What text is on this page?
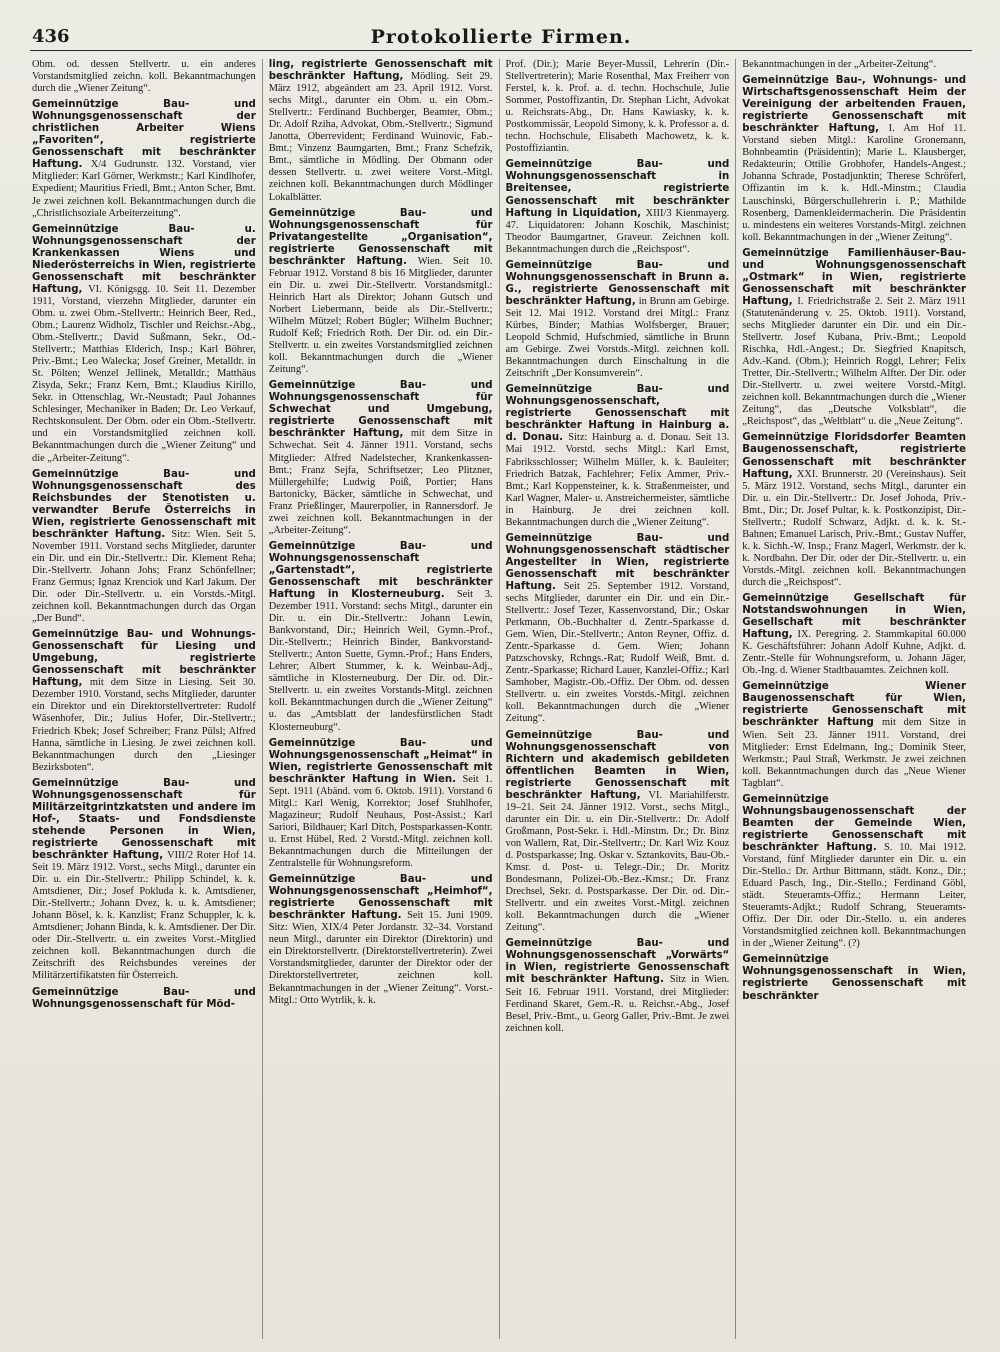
436	Protokollierte Firmen.

Obm. od. dessen Stellvertr. u. ein anderes Vorstandsmitglied zeichn. koll. Bekanntmachungen durch die „Wiener Zeitung“.

Gemeinnützige Bau- und Wohnungsgenossenschaft der christlichen Arbeiter Wiens „Favoriten“, registrierte Genossenschaft mit beschränkter Haftung. X/4 Gudrunstr. 132. Vorstand, vier Mitglieder: Karl Görner, Werkmstr.; Karl Kindlhofer, Expedient; Mauritius Friedl, Bmt.; Anton Scher, Bmt. Je zwei zeichnen koll. Bekanntmachungen durch die „Christlichsoziale Arbeiterzeitung“.

Gemeinnützige Bau- u. Wohnungsgenossenschaft der Krankenkassen Wiens und Niederösterreichs in Wien, registrierte Genossenschaft mit beschränkter Haftung, VI. Königsgg. 10. Seit 11. Dezember 1911, Vorstand, vierzehn Mitglieder, darunter ein Obm. u. zwei Obm.-Stellvertr.: Heinrich Beer, Red., Obm.; Laurenz Widholz, Tischler und Reichsr.-Abg., Obm.-Stellvertr.; David Sußmann, Sekr., Od.-Stellvertr.; Matthias Elderich, Insp.; Karl Böhrer, Priv.-Bmt.; Leo Walecka; Josef Greiner, Metalldr. in St. Pölten; Wenzel Jellinek, Metalldr.; Matthäus Zisyda, Sekr.; Franz Kern, Bmt.; Klaudius Kirillo, Sekr. in Ottenschlag, Wr.-Neustadt; Paul Johannes Schlesinger, Mechaniker in Baden; Dr. Leo Verkauf, Rechtskonsulent. Der Obm. oder ein Obm.-Stellvertr. und ein Vorstandsmitglied zeichnen koll. Bekanntmachungen durch die „Wiener Zeitung“ und die „Arbeiter-Zeitung“.

Gemeinnützige Bau- und Wohnungsgenossenschaft des Reichsbundes der Stenotisten u. verwandter Berufe Österreichs in Wien, registrierte Genossenschaft mit beschränkter Haftung. Sitz: Wien. Seit 5. November 1911. Vorstand sechs Mitglieder, darunter ein Dir. und ein Dir.-Stellvertr.: Dir. Klement Reha; Dir.-Stellvertr. Johann Johs; Franz Schönfellner; Franz Germus; Ignaz Krenciok und Karl Jakum. Der Dir. oder Dir.-Stellvertr. u. ein Vorstds.-Mitgl. zeichnen koll. Bekanntmachungen durch das Organ „Der Bund“.

Gemeinnützige Bau- und Wohnungs-Genossenschaft für Liesing und Umgebung, registrierte Genossenschaft mit beschränkter Haftung, mit dem Sitze in Liesing. Seit 30. Dezember 1910. Vorstand, sechs Mitglieder, darunter ein Direktor und ein Direktorstellvertreter: Rudolf Wäsenhofer, Dir.; Julius Hofer, Dir.-Stellvertr.; Friedrich Kbek; Josef Schreiber; Franz Pülsl; Alfred Hanna, sämtliche in Liesing. Je zwei zeichnen koll. Bekanntmachungen durch den „Liesinger Bezirksboten“.

Gemeinnützige Bau- und Wohnungsgenossenschaft für Militärzeitgrintzkatsten und andere im Hof-, Staats- und Fondsdienste stehende Personen in Wien, registrierte Genossenschaft mit beschränkter Haftung, VIII/2 Roter Hof 14. Seit 19. März 1912. Vorst., sechs Mitgl., darunter ein Dir. u. ein Dir.-Stellvertr.: Philipp Schindel, k. k. Amtsdiener, Dir.; Josef Pokluda k. k. Amtsdiener, Dir.-Stellvertr.; Johann Dvez, k. u. k. Amtsdiener; Johann Bösel, k. k. Kanzlist; Franz Schuppler, k. k. Amtsdiener; Johann Binda, k. k. Amtsdiener. Der Dir. oder Dir.-Stellvertr. u. ein zweites Vorst.-Mitglied zeichnen koll. Bekanntmachungen durch die Zeitschrift des Reichsbundes vereines der Militärzertifikatsten für Österreich.

Gemeinnützige Bau- und Wohnungsgenossenschaft für Möd-

ling, registrierte Genossenschaft mit beschränkter Haftung, Mödling. Seit 29. März 1912, abgeändert am 23. April 1912. Vorst. sechs Mitgl., darunter ein Obm. u. ein Obm.-Stellvertr.: Ferdinand Buchberger, Beamter, Obm.; Dr. Adolf Rziha, Advokat, Obm.-Stellvertr.; Sigmund Janotta, Oberrevident; Ferdinand Wuinovic, Fab.-Bmt.; Vinzenz Baumgarten, Bmt.; Franz Schefzik, Bmt., sämtliche in Mödling. Der Obmann oder dessen Stellvertr. u. zwei weitere Vorst.-Mitgl. zeichnen koll. Bekanntmachungen durch Mödlinger Lokalblätter.

Gemeinnützige Bau- und Wohnungsgenossenschaft für Privatangestellte „Organisation“, registrierte Genossenschaft mit beschränkter Haftung. Wien. Seit 10. Februar 1912. Vorstand 8 bis 16 Mitglieder, darunter ein Dir. u. zwei Dir.-Stellvertr. Vorstandsmitgl.: Heinrich Hart als Direktor; Johann Gutsch und Norbert Liebermann, beide als Dir.-Stellvertr.; Wilhelm Mützel; Robert Bügler; Wilhelm Buchner; Rudolf Keß; Friedrich Roth. Der Dir. od. ein Dir.-Stellvertr. u. ein zweites Vorstandsmitglied zeichnen koll. Bekanntmachungen durch die „Wiener Zeitung“.

Gemeinnützige Bau- und Wohnungsgenossenschaft für Schwechat und Umgebung, registrierte Genossenschaft mit beschränkter Haftung, mit dem Sitze in Schwechat. Seit 4. Jänner 1911. Vorstand, sechs Mitglieder: Alfred Nadelstecher, Krankenkassen-Bmt.; Franz Sejfa, Schriftsetzer; Leo Plitzner, Müllergehilfe; Ludwig Poiß, Portier; Hans Bartonicky, Bäcker, sämtliche in Schwechat, und Franz Prießlinger, Maurerpolier, in Rannersdorf. Je zwei zeichnen koll. Bekanntmachungen in der „Arbeiter-Zeitung“.

Gemeinnützige Bau- und Wohnungsgenossenschaft „Gartenstadt“, registrierte Genossenschaft mit beschränkter Haftung in Klosterneuburg. Seit 3. Dezember 1911. Vorstand: sechs Mitgl., darunter ein Dir. u. ein Dir.-Stellvertr.: Johann Lewin, Bankvorstand, Dir.; Heinrich Weil, Gymn.-Prof., Dir.-Stellvertr.; Heinrich Binder, Bankvorstand-Stellvertr.; Anton Suette, Gymn.-Prof.; Hans Enders, Lehrer; Albert Stummer, k. k. Weinbau-Adj., sämtliche in Klosterneuburg. Der Dir. od. Dir.-Stellvertr. u. ein zweites Vorstands-Mitgl. zeichnen koll. Bekanntmachungen durch die „Wiener Zeitung“ u. das „Amtsblatt der landesfürstlichen Stadt Klosterneuburg“.

Gemeinnützige Bau- und Wohnungsgenossenschaft „Heimat“ in Wien, registrierte Genossenschaft mit beschränkter Haftung in Wien. Seit 1. Sept. 1911 (Abänd. vom 6. Oktob. 1911). Vorstand 6 Mitgl.: Karl Wenig, Korrektor; Josef Stuhlhofer, Magazineur; Rudolf Neuhaus, Post-Assist.; Karl Sariori, Bildhauer; Karl Ditch, Postsparkassen-Kontr. u. Ernst Hübel, Red. 2 Vorstd.-Mitgl. zeichnen koll. Bekanntmachungen durch die Mitteilungen der Zentralstelle für Wohnungsreform.

Gemeinnützige Bau- und Wohnungsgenossenschaft „Heimhof“, registrierte Genossenschaft mit beschränkter Haftung. Seit 15. Juni 1909. Sitz: Wien, XIX/4 Peter Jordanstr. 32–34. Vorstand neun Mitgl., darunter ein Direktor (Direktorin) und ein Direktorstellvertr. (Direktorstellvertreterin). Zwei Vorstandsmitglieder, darunter der Direktor oder der Direktorstellvertreter, zeichnen koll. Bekanntmachungen in der „Wiener Zeitung“. Vorst.-Mitgl.: Otto Wytrlik, k. k.

Prof. (Dir.); Marie Beyer-Mussil, Lehrerin (Dir.-Stellvertreterin); Marie Rosenthal, Max Freiherr von Ferstel, k. k. Prof. a. d. techn. Hochschule, Julie Sommer, Postoffizantin, Dr. Stephan Licht, Advokat u. Reichsrats-Abg., Dr. Hans Kawiasky, k. k. Postkommissär, Leopold Simony, k. k. Professor a. d. techn. Hochschule, Elisabeth Machowetz, k. k. Postoffiziantin.

Gemeinnützige Bau- und Wohnungsgenossenschaft in Breitensee, registrierte Genossenschaft mit beschränkter Haftung in Liquidation, XIII/3 Kienmayerg. 47. Liquidatoren: Johann Koschik, Maschinist; Theodor Baumgartner, Graveur. Zeichnen koll. Bekanntmachungen durch die „Reichspost“.

Gemeinnützige Bau- und Wohnungsgenossenschaft in Brunn a. G., registrierte Genossenschaft mit beschränkter Haftung, in Brunn am Gebirge. Seit 12. Mai 1912. Vorstand drei Mitgl.: Franz Kürbes, Binder; Mathias Wolfsberger, Brauer; Leopold Schmid, Hufschmied, sämtliche in Brunn am Gebirge. Zwei Vorstds.-Mitgl. zeichnen koll. Bekanntmachungen durch Einschaltung in die Zeitschrift „Der Konsumverein“.

Gemeinnützige Bau- und Wohnungsgenossenschaft, registrierte Genossenschaft mit beschränkter Haftung in Hainburg a. d. Donau. Sitz: Hainburg a. d. Donau. Seit 13. Mai 1912. Vorstd. sechs Mitgl.: Karl Ernst, Fabriksschlosser; Wilhelm Müller, k. k. Bauleiter; Friedrich Batzak, Fachlehrer; Felix Ammer, Priv.-Bmt.; Karl Koppensteiner, k. k. Straßenmeister, und Karl Wagner, Maler- u. Anstreichermeister, sämtliche in Hainburg. Je drei zeichnen koll. Bekanntmachungen durch die „Wiener Zeitung“.

Gemeinnützige Bau- und Wohnungsgenossenschaft städtischer Angestellter in Wien, registrierte Genossenschaft mit beschränkter Haftung. Seit 25. September 1912. Vorstand, sechs Mitglieder, darunter ein Dir. und ein Dir.-Stellvertr.: Josef Tezer, Kassenvorstand, Dir.; Oskar Perkmann, Ob.-Buchhalter d. Zentr.-Sparkasse d. Gem. Wien, Dir.-Stellvertr.; Anton Reyner, Offiz. d. Zentr.-Sparkasse d. Gem. Wien; Johann Patzschovsky, Rchngs.-Rat; Rudolf Weiß, Bmt. d. Zentr.-Sparkasse; Richard Lauer, Kanzlei-Offiz.; Karl Samhober, Magistr.-Ob.-Offiz. Der Obm. od. dessen Stellvertr. u. ein zweites Vorstds.-Mitgl. zeichnen koll. Bekanntmachungen durch die „Wiener Zeitung“.

Gemeinnützige Bau- und Wohnungsgenossenschaft von Richtern und akademisch gebildeten öffentlichen Beamten in Wien, registrierte Genossenschaft mit beschränkter Haftung, VI. Mariahilferstr. 19–21. Seit 24. Jänner 1912. Vorst., sechs Mitgl., darunter ein Dir. u. ein Dir.-Stellvertr.: Dr. Adolf Großmann, Post-Sekr. i. Hdl.-Minstm. Dr.; Dr. Binz von Wallern, Rat, Dir.-Stellvertr.; Dr. Karl Wiz Kouz d. Postsparkasse; Ing. Oskar v. Sztankovits, Bau-Ob.-Kmsr. d. Post- u. Telegr.-Dir.; Dr. Moritz Bondesmann, Polizei-Ob.-Bez.-Kmsr.; Dr. Franz Drechsel, Sekr. d. Postsparkasse. Der Dir. od. Dir.-Stellvertr. und ein zweites Vorst.-Mitgl. zeichnen koll. Bekanntmachungen durch die „Wiener Zeitung“.

Gemeinnützige Bau- und Wohnungsgenossenschaft „Vorwärts“ in Wien, registrierte Genossenschaft mit beschränkter Haftung. Sitz in Wien. Seit 16. Februar 1911. Vorstand, drei Mitglieder: Ferdinand Skaret, Gem.-R. u. Reichsr.-Abg., Josef Besel, Priv.-Bmt., u. Georg Galler, Priv.-Bmt. Je zwei zeichnen koll.

Bekanntmachungen in der „Arbeiter-Zeitung“.

Gemeinnützige Bau-, Wohnungs- und Wirtschaftsgenossenschaft Heim der Vereinigung der arbeitenden Frauen, registrierte Genossenschaft mit beschränkter Haftung, I. Am Hof 11. Vorstand sieben Mitgl.: Karoline Gronemann, Bohnbeamtin (Präsidentin); Marie L. Klausberger, Redakteurin; Ottilie Grobhofer, Handels-Angest.; Johanna Schrade, Postadjunktin; Therese Schröferl, Offizantin im k. k. Hdl.-Minstm.; Claudia Lauschinski, Bürgerschullehrerin i. P.; Mathilde Rosenberg, Damenkleidermacherin. Die Präsidentin u. mindestens ein weiteres Vorstands-Mitgl. zeichnen koll. Bekanntmachungen in der „Wiener Zeitung“.

Gemeinnützige Familienhäuser-Bau- und Wohnungsgenossenschaft „Ostmark“ in Wien, registrierte Genossenschaft mit beschränkter Haftung, I. Friedrichstraße 2. Seit 2. März 1911 (Statutenänderung v. 25. Oktob. 1911). Vorstand, sechs Mitglieder darunter ein Dir. und ein Dir.-Stellvertr. Josef Kubana, Priv.-Bmt.; Leopold Rischka, Hdl.-Angest.; Dr. Siegfried Knapitsch, Adv.-Kand. (Obm.); Heinrich Roggl, Lehrer; Felix Tretter, Dir.-Stellvertr.; Wilhelm Alfter. Der Dir. oder Dir.-Stellvertr. u. zwei weitere Vorstd.-Mitgl. zeichnen koll. Bekanntmachungen durch die „Wiener Zeitung“, das „Deutsche Volksblatt“, die „Reichspost“, das „Weltblatt“ u. die „Neue Zeitung“.

Gemeinnützige Floridsdorfer Beamten Baugenossenschaft, registrierte Genossenschaft mit beschränkter Haftung, XXI. Brunnerstr. 20 (Vereinshaus). Seit 5. März 1912. Vorstand, sechs Mitgl., darunter ein Dir. u. ein Dir.-Stellvertr.: Dr. Josef Johoda, Priv.-Bmt., Dir.; Dr. Josef Pultar, k. k. Postkonzipist, Dir.-Stellvertr.; Rudolf Schwarz, Adjkt. d. k. k. St.-Bahnen; Emanuel Larisch, Priv.-Bmt.; Gustav Nuffer, k. k. Sichh.-W. Insp.; Franz Magerl, Werkmstr. der k. k. Nordbahn. Der Dir. oder der Dir.-Stellvertr. u. ein Vorstds.-Mitgl. zeichnen koll. Bekanntmachungen durch die „Reichspost“.

Gemeinnützige Gesellschaft für Notstandswohnungen in Wien, Gesellschaft mit beschränkter Haftung, IX. Peregring. 2. Stammkapital 60.000 K. Geschäftsführer: Johann Adolf Kuhne, Adjkt. d. Zentr.-Stelle für Wohnungsreform, u. Johann Jäger, Ob.-Ing. d. Wiener Stadtbauamtes. Zeichnen koll.

Gemeinnützige Wiener Baugenossenschaft für Wien, registrierte Genossenschaft mit beschränkter Haftung mit dem Sitze in Wien. Seit 23. Jänner 1911. Vorstand, drei Mitglieder: Ernst Edelmann, Ing.; Dominik Steer, Werkmstr.; Paul Straß, Werkmstr. Je zwei zeichnen koll. Bekanntmachungen durch das „Neue Wiener Tagblatt“.

Gemeinnützige Wohnungsbaugenossenschaft der Beamten der Gemeinde Wien, registrierte Genossenschaft mit beschränkter Haftung. S. 10. Mai 1912. Vorstand, fünf Mitglieder darunter ein Dir. u. ein Dir.-Stello.: Dr. Arthur Bittmann, städt. Konz., Dir.; Eduard Pasch, Ing., Dir.-Stello.; Ferdinand Göbl, städt. Steueramts-Offiz.; Hermann Leiter, Steueramts-Adjkt.; Rudolf Schrang, Steueramts-Offiz. Der Dir. oder Dir.-Stello. u. ein anderes Vorstandsmitglied zeichnen koll. Bekanntmachungen in der „Wiener Zeitung“. (?)

Gemeinnützige Wohnungsgenossenschaft in Wien, registrierte Genossenschaft mit beschränkter
